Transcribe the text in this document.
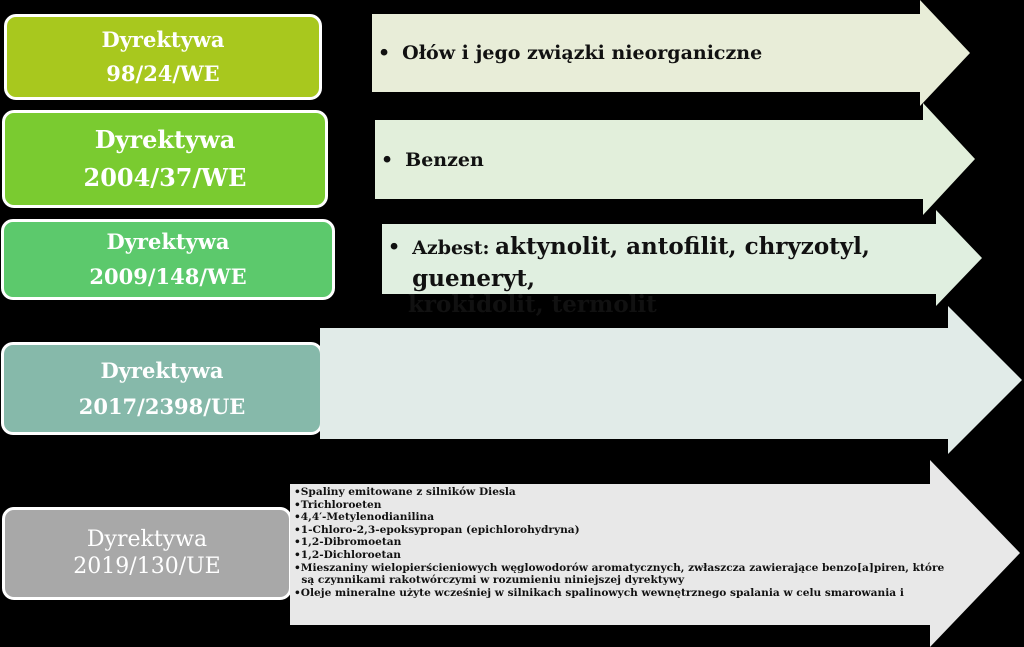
Dyrektywa
98/24/WE
• Ołów i jego związki nieorganiczne
Dyrektywa
2004/37/WE
• Benzen
Dyrektywa
2009/148/WE
• Azbest: aktynolit, antofilit, chryzotyl, gueneryt,
krokidolit, termolit
Dyrektywa
2017/2398/UE
Dyrektywa
2019/130/UE
•Spaliny emitowane z silników Diesla
•Trichloroeten
•4,4′-Metylenodianilina
•1-Chloro-2,3-epoksypropan (epichlorohydryna)
•1,2-Dibromoetan
•1,2-Dichloroetan
•Mieszaniny wielopierścieniowych węglowodorów aromatycznych, zwłaszcza zawierające benzo[a]piren, które
są czynnikami rakotwórczymi w rozumieniu niniejszej dyrektywy
•Oleje mineralne użyte wcześniej w silnikach spalinowych wewnętrznego spalania w celu smarowania i
